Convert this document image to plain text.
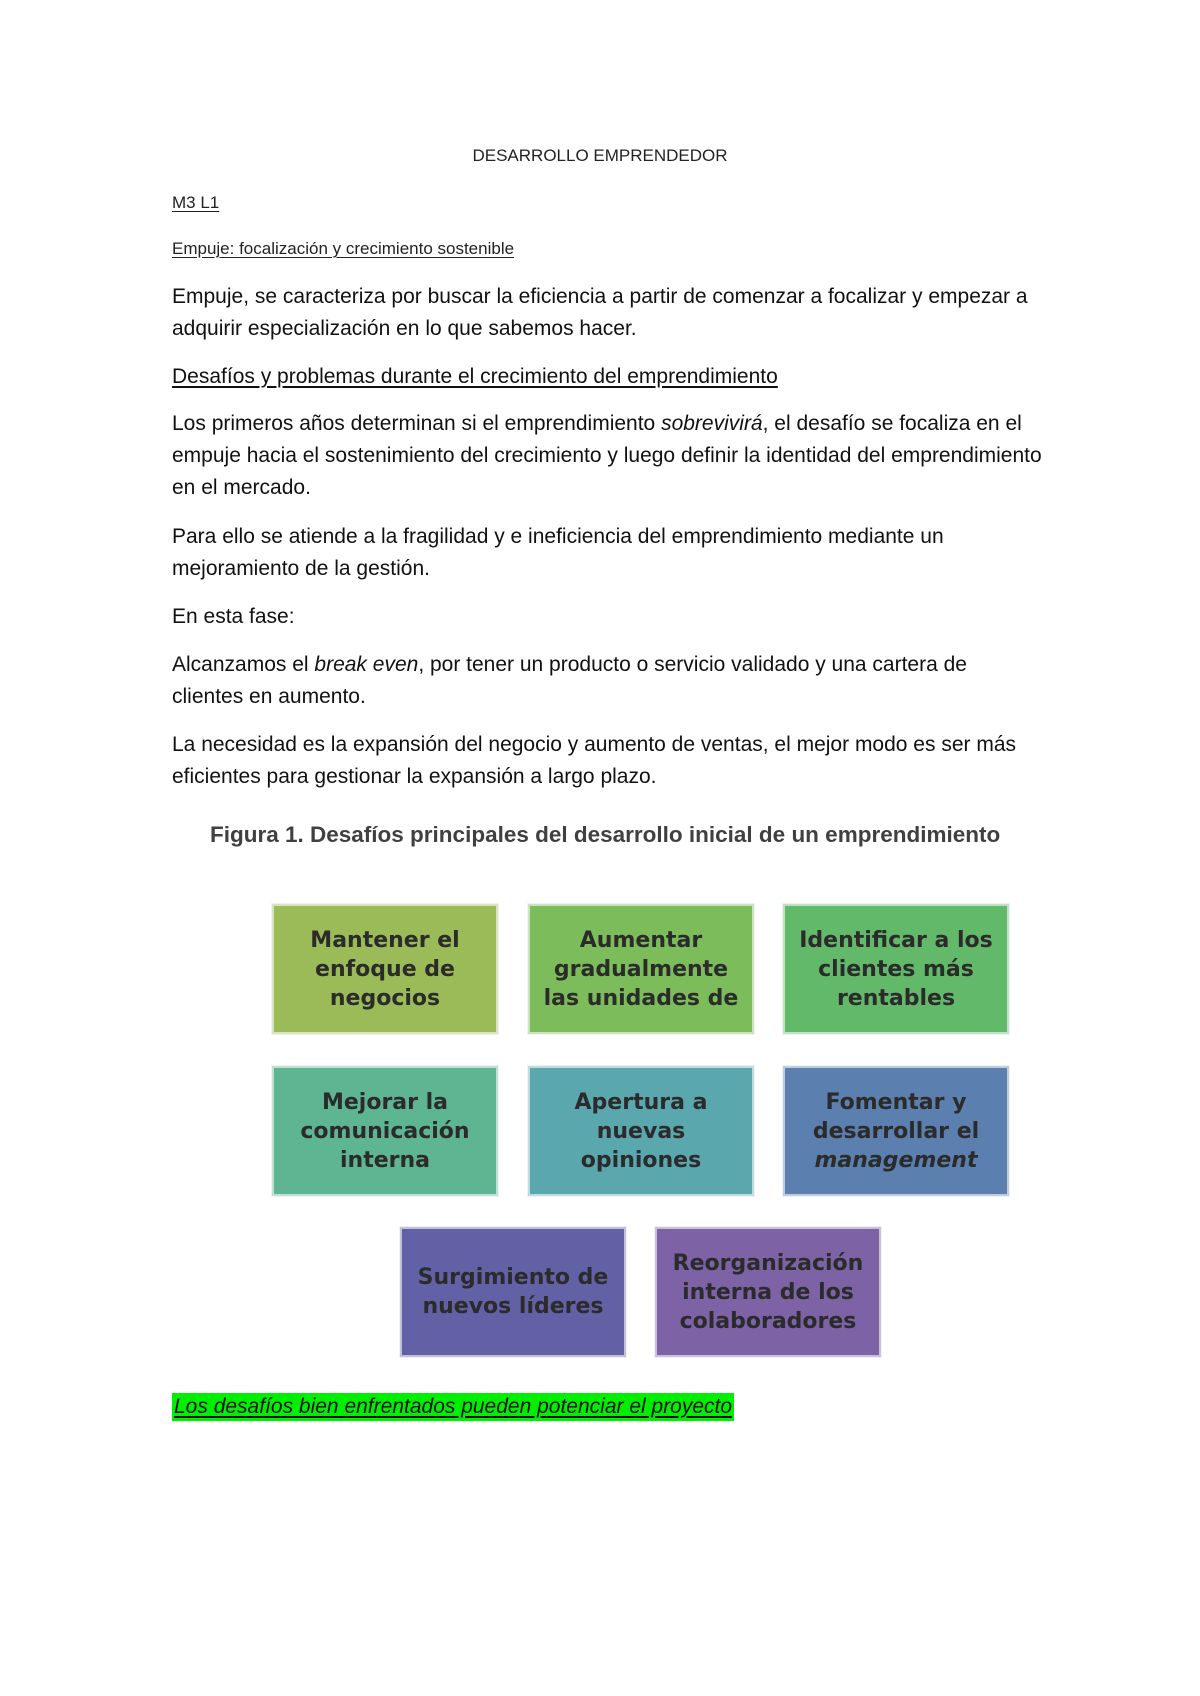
DESARROLLO EMPRENDEDOR
M3 L1
Empuje: focalización y crecimiento sostenible
Empuje, se caracteriza por buscar la eficiencia a partir de comenzar a focalizar y empezar a adquirir especialización en lo que sabemos hacer.
Desafíos y problemas durante el crecimiento del emprendimiento
Los primeros años determinan si el emprendimiento sobrevivirá, el desafío se focaliza en el empuje hacia el sostenimiento del crecimiento y luego definir la identidad del emprendimiento en el mercado.
Para ello se atiende a la fragilidad y e ineficiencia del emprendimiento mediante un mejoramiento de la gestión.
En esta fase:
Alcanzamos el break even, por tener un producto o servicio validado y una cartera de clientes en aumento.
La necesidad es la expansión del negocio y aumento de ventas, el mejor modo es ser más eficientes para gestionar la expansión a largo plazo.
Figura 1. Desafíos principales del desarrollo inicial de un emprendimiento
Mantener el enfoque de negocios
Aumentar gradualmente las unidades de
Identificar a los clientes más rentables
Mejorar la comunicación interna
Apertura a nuevas opiniones
Fomentar y desarrollar el management
Surgimiento de nuevos líderes
Reorganización interna de los colaboradores
Los desafíos bien enfrentados pueden potenciar el proyecto
